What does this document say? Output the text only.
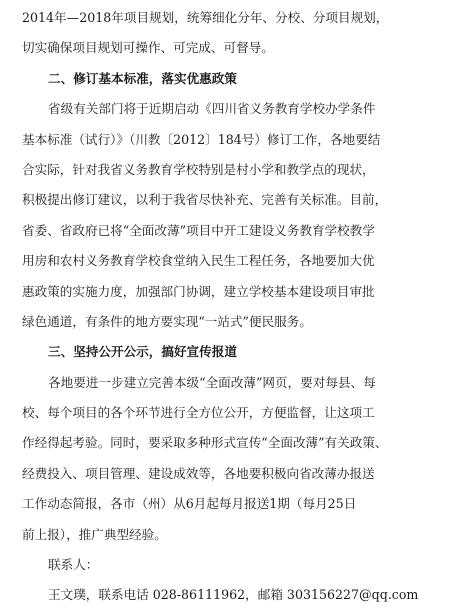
2014年—2018年项目规划，统筹细化分年、分校、分项目规划，
切实确保项目规划可操作、可完成、可督导。
二、修订基本标准，落实优惠政策
省级有关部门将于近期启动《四川省义务教育学校办学条件
基本标准（试行）》（川教〔2012〕184号）修订工作，各地要结
合实际，针对我省义务教育学校特别是村小学和教学点的现状，
积极提出修订建议，以利于我省尽快补充、完善有关标准。目前，
省委、省政府已将“全面改薄”项目中开工建设义务教育学校教学
用房和农村义务教育学校食堂纳入民生工程任务，各地要加大优
惠政策的实施力度，加强部门协调，建立学校基本建设项目审批
绿色通道，有条件的地方要实现“一站式”便民服务。
三、坚持公开公示，搞好宣传报道
各地要进一步建立完善本级“全面改薄”网页，要对每县、每
校、每个项目的各个环节进行全方位公开，方便监督，让这项工
作经得起考验。同时，要采取多种形式宣传“全面改薄”有关政策、
经费投入、项目管理、建设成效等，各地要积极向省改薄办报送
工作动态简报，各市（州）从6月起每月报送1期（每月25日
前上报），推广典型经验。
联系人：
王文璞，联系电话 028-86111962，邮箱 303156227@qq.com
